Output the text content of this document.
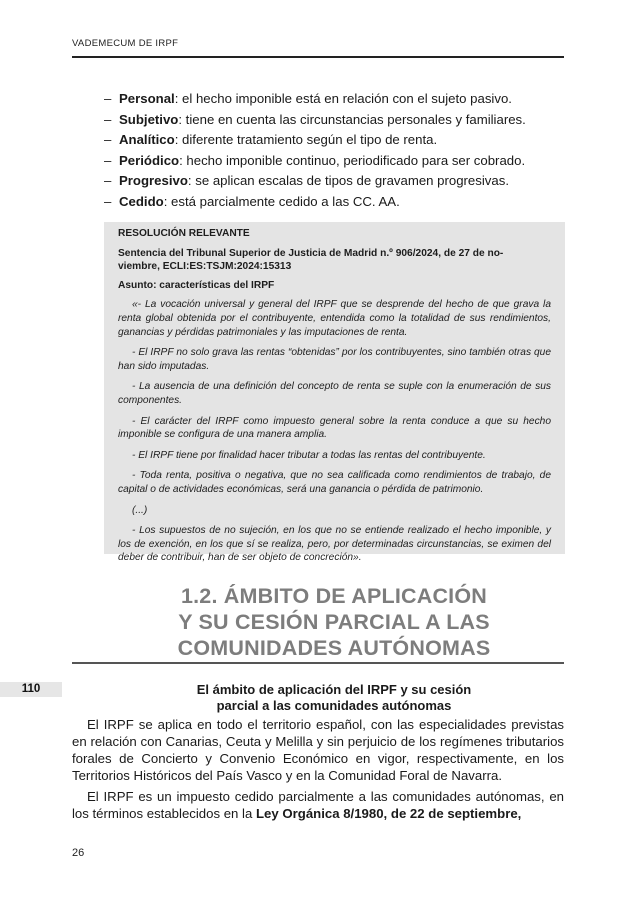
VADEMECUM DE IRPF
– Personal: el hecho imponible está en relación con el sujeto pasivo.
– Subjetivo: tiene en cuenta las circunstancias personales y familiares.
– Analítico: diferente tratamiento según el tipo de renta.
– Periódico: hecho imponible continuo, periodificado para ser cobrado.
– Progresivo: se aplican escalas de tipos de gravamen progresivas.
– Cedido: está parcialmente cedido a las CC. AA.

RESOLUCIÓN RELEVANTE

Sentencia del Tribunal Superior de Justicia de Madrid n.º 906/2024, de 27 de no-
viembre, ECLI:ES:TSJM:2024:15313

Asunto: características del IRPF

«- La vocación universal y general del IRPF que se desprende del hecho de que grava la renta global obtenida por el contribuyente, entendida como la totalidad de sus rendimientos, ganancias y pérdidas patrimoniales y las imputaciones de renta.

- El IRPF no solo grava las rentas “obtenidas” por los contribuyentes, sino también otras que han sido imputadas.

- La ausencia de una definición del concepto de renta se suple con la enumeración de sus componentes.

- El carácter del IRPF como impuesto general sobre la renta conduce a que su hecho imponible se configura de una manera amplia.

- El IRPF tiene por finalidad hacer tributar a todas las rentas del contribuyente.

- Toda renta, positiva o negativa, que no sea calificada como rendimientos de trabajo, de capital o de actividades económicas, será una ganancia o pérdida de patrimonio.

(...)

- Los supuestos de no sujeción, en los que no se entiende realizado el hecho imponible, y los de exención, en los que sí se realiza, pero, por determinadas circunstancias, se eximen del deber de contribuir, han de ser objeto de concreción».

1.2. ÁMBITO DE APLICACIÓN
Y SU CESIÓN PARCIAL A LAS
COMUNIDADES AUTÓNOMAS
110	El ámbito de aplicación del IRPF y su cesión
parcial a las comunidades autónomas

El IRPF se aplica en todo el territorio español, con las especialidades previstas en relación con Canarias, Ceuta y Melilla y sin perjuicio de los regímenes tributarios forales de Concierto y Convenio Económico en vigor, respectivamente, en los Territorios Históricos del País Vasco y en la Comunidad Foral de Navarra.

El IRPF es un impuesto cedido parcialmente a las comunidades autónomas, en los términos establecidos en la Ley Orgánica 8/1980, de 22 de septiembre,

26
